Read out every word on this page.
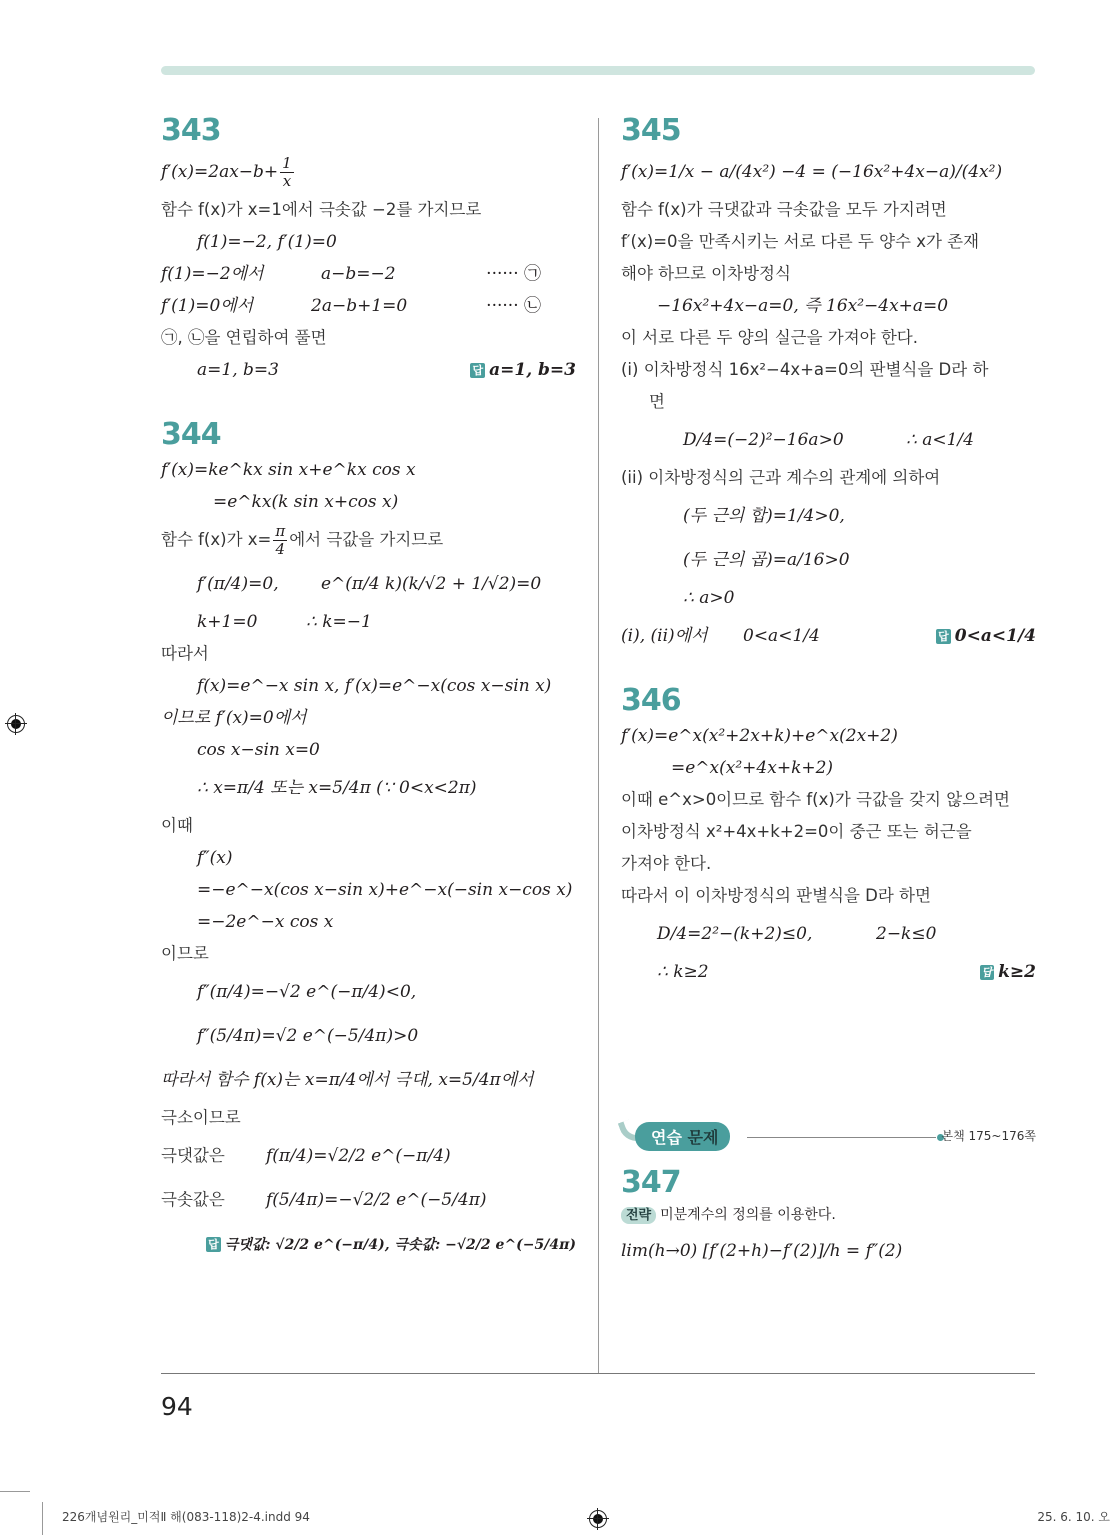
343
$f'(x)=2ax-b+ \frac{1}{x}$
함수 f(x)가 x=1에서 극솟값 −2를 가지므로
f(1)=−2, f′(1)=0
f(1)=−2에서	a−b=−2	······ ㉠
f′(1)=0에서	2a−b+1=0	······ ㉡
㉠, ㉡을 연립하여 풀면
a=1, b=3	답 a=1, b=3
344
f′(x)=ke^kx sin x+e^kx cos x
=e^kx(k sin x+cos x)
함수 f(x)가 $x= \frac{\pi}{4}$ 에서 극값을 가지므로
f′(π/4)=0, e^(π/4 k)(k/√2 + 1/√2)=0
k+1=0	∴ k=−1
따라서
f(x)=e^−x sin x, f′(x)=e^−x(cos x−sin x)
이므로 f′(x)=0에서
cos x−sin x=0
∴ x=π/4 또는 x=5/4π (∵ 0<x<2π)
이때
f″(x)
=−e^−x(cos x−sin x)+e^−x(−sin x−cos x)
=−2e^−x cos x
이므로
f″(π/4)=−√2 e^(−π/4)<0,
f″(5/4π)=√2 e^(−5/4π)>0
따라서 함수 f(x)는 x=π/4에서 극대, x=5/4π에서
극소이므로
극댓값은 f(π/4)=√2/2 e^(−π/4)
극솟값은 f(5/4π)=−√2/2 e^(−5/4π)
답 극댓값: √2/2 e^(−π/4), 극솟값: −√2/2 e^(−5/4π)
345
f′(x)=1/x − a/(4x²) −4 = (−16x²+4x−a)/(4x²)
함수 f(x)가 극댓값과 극솟값을 모두 가지려면
f′(x)=0을 만족시키는 서로 다른 두 양수 x가 존재
해야 하므로 이차방정식
−16x²+4x−a=0, 즉 16x²−4x+a=0
이 서로 다른 두 양의 실근을 가져야 한다.
(i) 이차방정식 16x²−4x+a=0의 판별식을 D라 하
면
D/4=(−2)²−16a>0	∴ a<1/4
(ii) 이차방정식의 근과 계수의 관계에 의하여
(두 근의 합)=1/4>0,
(두 근의 곱)=a/16>0
∴ a>0
(i), (ii)에서 0<a<1/4	답 0<a<1/4
346
f′(x)=e^x(x²+2x+k)+e^x(2x+2)
=e^x(x²+4x+k+2)
이때 e^x>0이므로 함수 f(x)가 극값을 갖지 않으려면
이차방정식 x²+4x+k+2=0이 중근 또는 허근을
가져야 한다.
따라서 이 이차방정식의 판별식을 D라 하면
D/4=2²−(k+2)≤0,	2−k≤0
∴ k≥2	답 k≥2
연습 문제	본책 175~176쪽
347
전략 미분계수의 정의를 이용한다.
lim(h→0) [f′(2+h)−f′(2)]/h = f″(2)
94
226개념원리_미적Ⅱ 해(083-118)2-4.indd 94	25. 6. 10. 오
